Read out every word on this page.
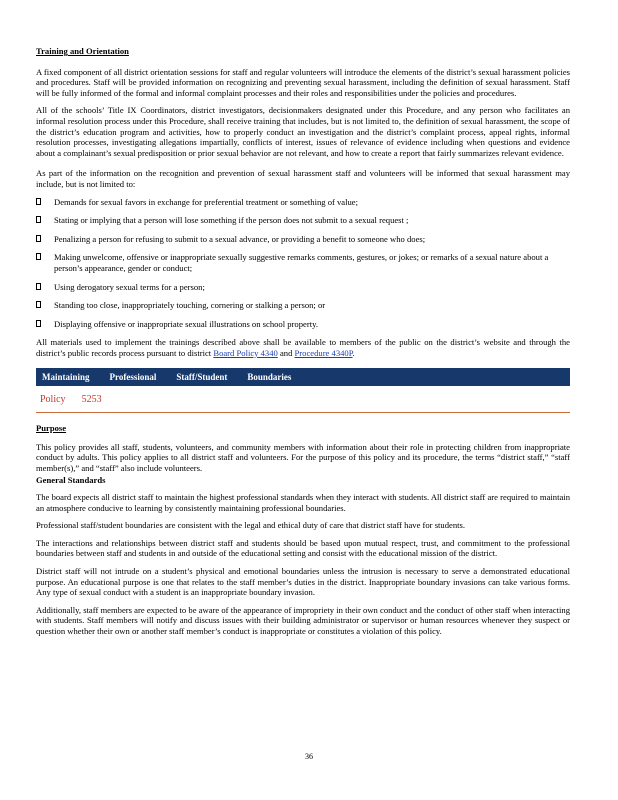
Training and Orientation

A fixed component of all district orientation sessions for staff and regular volunteers will introduce the elements of the district’s sexual harassment policies and procedures. Staff will be provided information on recognizing and preventing sexual harassment, including the definition of sexual harassment. Staff will be fully informed of the formal and informal complaint processes and their roles and responsibilities under the policies and procedures.

All of the schools’ Title IX Coordinators, district investigators, decisionmakers designated under this Procedure, and any person who facilitates an informal resolution process under this Procedure, shall receive training that includes, but is not limited to, the definition of sexual harassment, the scope of the district’s education program and activities, how to properly conduct an investigation and the district’s complaint process, appeal rights, informal resolution processes, investigating allegations impartially, conflicts of interest, issues of relevance of evidence including when questions and evidence about a complainant’s sexual predisposition or prior sexual behavior are not relevant, and how to create a report that fairly summarizes relevant evidence.

As part of the information on the recognition and prevention of sexual harassment staff and volunteers will be informed that sexual harassment may include, but is not limited to:

Demands for sexual favors in exchange for preferential treatment or something of value;
Stating or implying that a person will lose something if the person does not submit to a sexual request ;
Penalizing a person for refusing to submit to a sexual advance, or providing a benefit to someone who does;
Making unwelcome, offensive or inappropriate sexually suggestive remarks comments, gestures, or jokes; or remarks of a sexual nature about a person’s appearance, gender or conduct;
Using derogatory sexual terms for a person;
Standing too close, inappropriately touching, cornering or stalking a person; or
Displaying offensive or inappropriate sexual illustrations on school property.

All materials used to implement the trainings described above shall be available to members of the public on the district’s website and through the district’s public records process pursuant to district Board Policy 4340 and Procedure 4340P.

Maintaining Professional Staff/Student Boundaries
Policy 5253
Purpose

This policy provides all staff, students, volunteers, and community members with information about their role in protecting children from inappropriate conduct by adults. This policy applies to all district staff and volunteers. For the purpose of this policy and its procedure, the terms “district staff,” “staff member(s),” and “staff” also include volunteers.

General Standards

The board expects all district staff to maintain the highest professional standards when they interact with students. All district staff are required to maintain an atmosphere conducive to learning by consistently maintaining professional boundaries.

Professional staff/student boundaries are consistent with the legal and ethical duty of care that district staff have for students.

The interactions and relationships between district staff and students should be based upon mutual respect, trust, and commitment to the professional boundaries between staff and students in and outside of the educational setting and consist with the educational mission of the district.

District staff will not intrude on a student’s physical and emotional boundaries unless the intrusion is necessary to serve a demonstrated educational purpose. An educational purpose is one that relates to the staff member’s duties in the district. Inappropriate boundary invasions can take various forms. Any type of sexual conduct with a student is an inappropriate boundary invasion.

Additionally, staff members are expected to be aware of the appearance of impropriety in their own conduct and the conduct of other staff when interacting with students. Staff members will notify and discuss issues with their building administrator or supervisor or human resources whenever they suspect or question whether their own or another staff member’s conduct is inappropriate or constitutes a violation of this policy.

36
